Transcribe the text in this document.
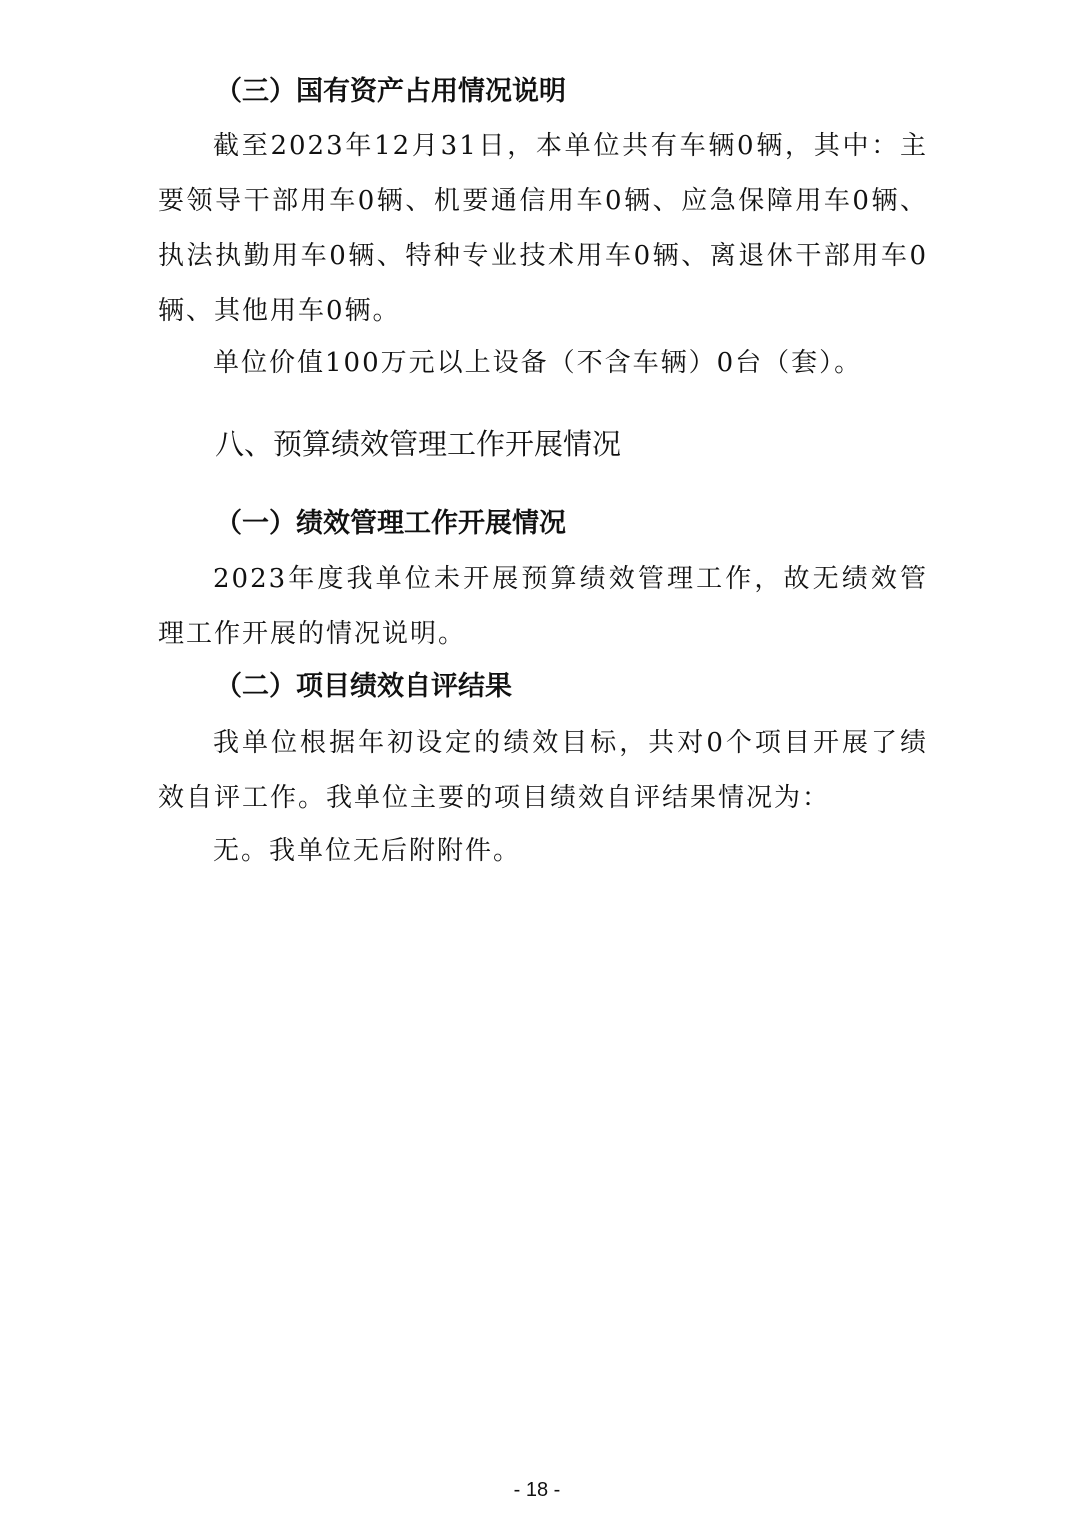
（三）国有资产占用情况说明
截至2023年12月31日，本单位共有车辆0辆，其中：主要领导干部用车0辆、机要通信用车0辆、应急保障用车0辆、执法执勤用车0辆、特种专业技术用车0辆、离退休干部用车0辆、其他用车0辆。
单位价值100万元以上设备（不含车辆）0台（套）。
八、预算绩效管理工作开展情况
（一）绩效管理工作开展情况
2023年度我单位未开展预算绩效管理工作，故无绩效管理工作开展的情况说明。
（二）项目绩效自评结果
我单位根据年初设定的绩效目标，共对0个项目开展了绩效自评工作。我单位主要的项目绩效自评结果情况为：
无。我单位无后附附件。
- 18 -
